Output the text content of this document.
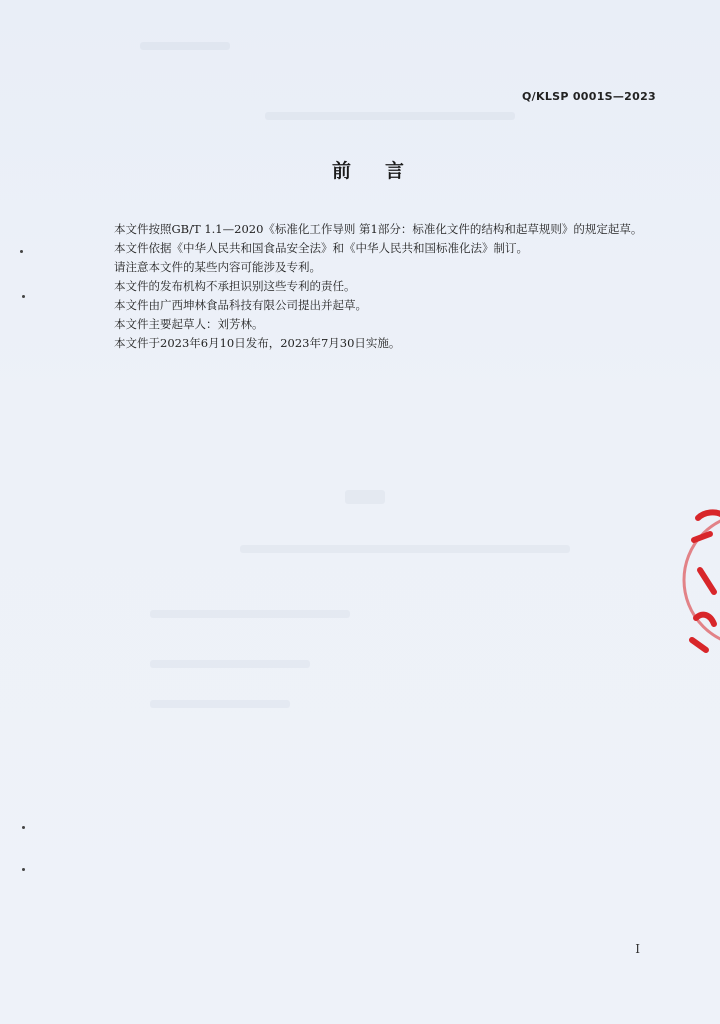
Q/KLSP 0001S—2023
前言

本文件按照GB/T 1.1—2020《标准化工作导则 第1部分：标准化文件的结构和起草规则》的规定起草。

本文件依据《中华人民共和国食品安全法》和《中华人民共和国标准化法》制订。

请注意本文件的某些内容可能涉及专利。

本文件的发布机构不承担识别这些专利的责任。

本文件由广西坤林食品科技有限公司提出并起草。

本文件主要起草人：刘芳林。

本文件于2023年6月10日发布，2023年7月30日实施。

I
